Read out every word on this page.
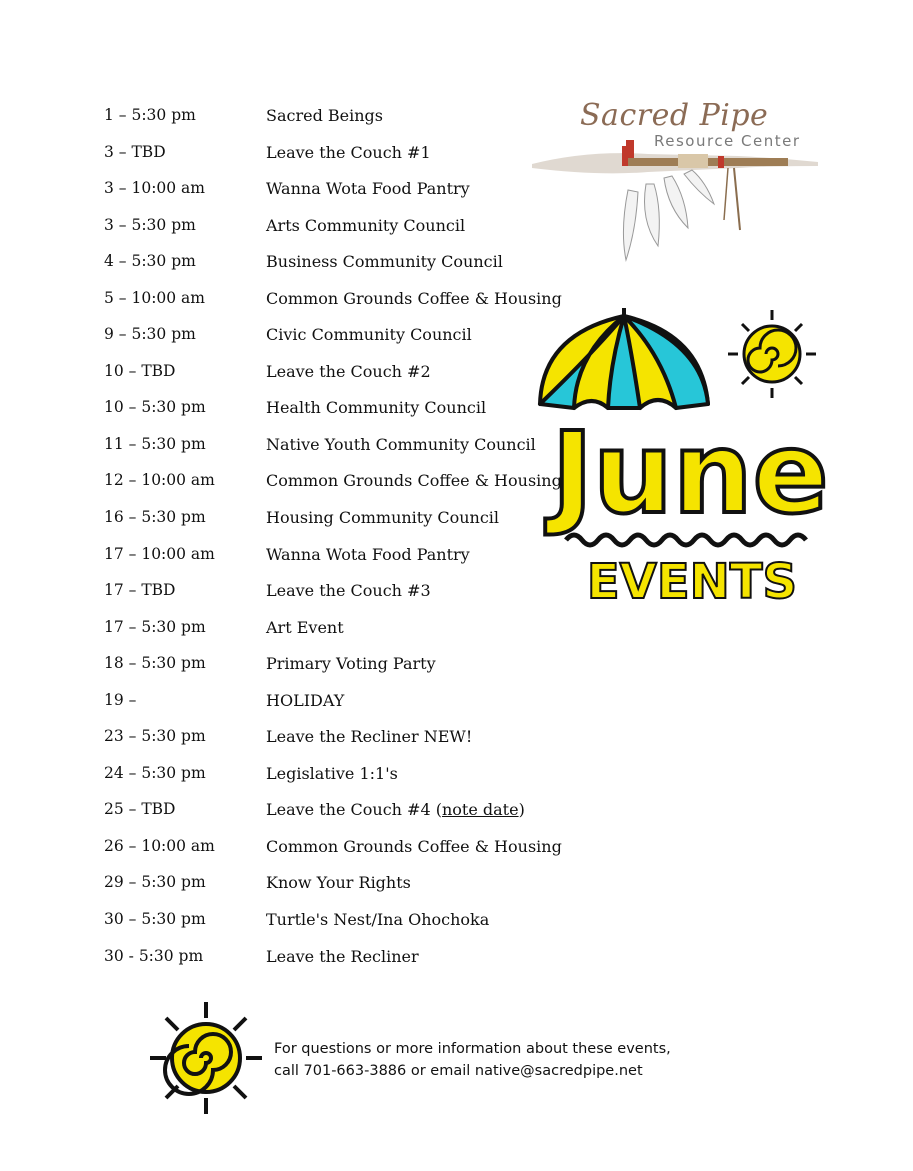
1 – 5:30 pm	Sacred Beings
3 – TBD	Leave the Couch #1
3 – 10:00 am	Wanna Wota Food Pantry
3 – 5:30 pm	Arts Community Council
4 – 5:30 pm	Business Community Council
5 – 10:00 am	Common Grounds Coffee & Housing
9 – 5:30 pm	Civic Community Council
10 – TBD	Leave the Couch #2
10 – 5:30 pm	Health Community Council
11 – 5:30 pm	Native Youth Community Council
12 – 10:00 am	Common Grounds Coffee & Housing
16 – 5:30 pm	Housing Community Council
17 – 10:00 am	Wanna Wota Food Pantry
17 – TBD	Leave the Couch #3
17 – 5:30 pm	Art Event
18 – 5:30 pm	Primary Voting Party
19 –	HOLIDAY
23 – 5:30 pm	Leave the Recliner NEW!
24 – 5:30 pm	Legislative 1:1's
25 – TBD	Leave the Couch #4 (note date)
26 – 10:00 am	Common Grounds Coffee & Housing
29 – 5:30 pm	Know Your Rights
30 – 5:30 pm	Turtle's Nest/Ina Ohochoka
30 - 5:30 pm	Leave the Recliner
Sacred Pipe
Resource Center
June
EVENTS
For questions or more information about these events,
call 701-663-3886 or email native@sacredpipe.net
